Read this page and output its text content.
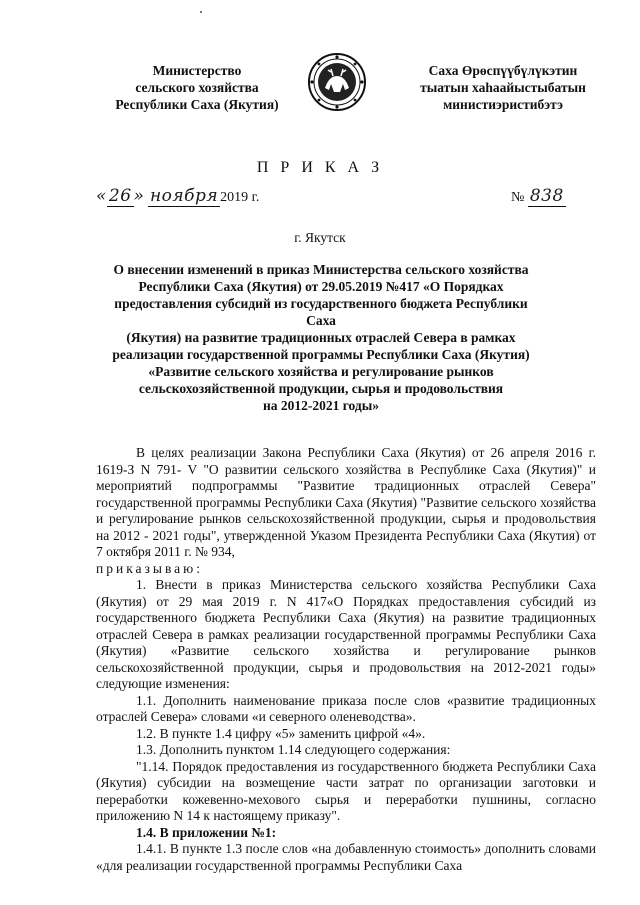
Министерство
сельского хозяйства
Республики Саха (Якутия)
Саха Өрөспүүбүлүкэтин
тыатын хаһаайыстыбатын
министиэристибэтэ
П Р И К А З
« 26 » ноября 2019 г.	№ 838
г. Якутск
О внесении изменений в приказ Министерства сельского хозяйства
Республики Саха (Якутия) от 29.05.2019 №417 «О Порядках
предоставления субсидий из государственного бюджета Республики Саха
(Якутия) на развитие традиционных отраслей Севера в рамках
реализации государственной программы Республики Саха (Якутия)
«Развитие сельского хозяйства и регулирование рынков
сельскохозяйственной продукции, сырья и продовольствия
на 2012-2021 годы»

В целях реализации Закона Республики Саха (Якутия) от 26 апреля 2016 г. 1619-З N 791- V "О развитии сельского хозяйства в Республике Саха (Якутия)" и мероприятий подпрограммы "Развитие традиционных отраслей Севера" государственной программы Республики Саха (Якутия) "Развитие сельского хозяйства и регулирование рынков сельскохозяйственной продукции, сырья и продовольствия на 2012 - 2021 годы", утвержденной Указом Президента Республики Саха (Якутия) от 7 октября 2011 г. № 934,

приказываю:

1. Внести в приказ Министерства сельского хозяйства Республики Саха (Якутия) от 29 мая 2019 г. N 417«О Порядках предоставления субсидий из государственного бюджета Республики Саха (Якутия) на развитие традиционных отраслей Севера в рамках реализации государственной программы Республики Саха (Якутия) «Развитие сельского хозяйства и регулирование рынков сельскохозяйственной продукции, сырья и продовольствия на 2012-2021 годы» следующие изменения:

1.1. Дополнить наименование приказа после слов «развитие традиционных отраслей Севера» словами «и северного оленеводства».

1.2. В пункте 1.4 цифру «5» заменить цифрой «4».

1.3. Дополнить пунктом 1.14 следующего содержания:

"1.14. Порядок предоставления из государственного бюджета Республики Саха (Якутия) субсидии на возмещение части затрат по организации заготовки и переработки кожевенно-мехового сырья и переработки пушнины, согласно приложению N 14 к настоящему приказу".

1.4. В приложении №1:

1.4.1. В пункте 1.3 после слов «на добавленную стоимость» дополнить словами «для реализации государственной программы Республики Саха
